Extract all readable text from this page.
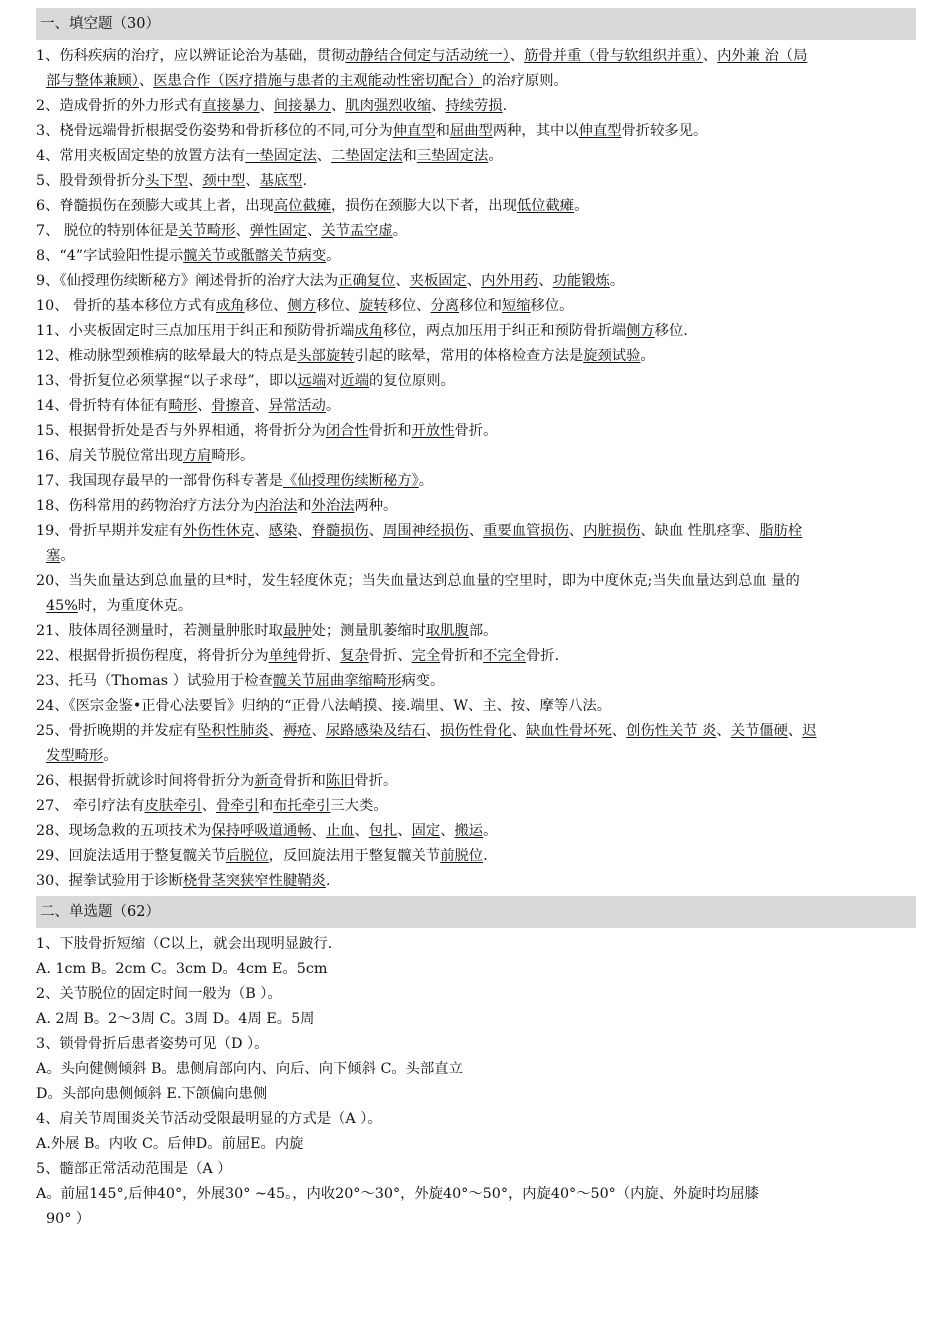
一、填空题（30）
1、伤科疾病的治疗，应以辨证论治为基础，贯彻动静结合伺定与活动统一）、筋骨并重（骨与软组织并重）、内外兼 治（局
部与整体兼顾）、医患合作（医疗措施与患者的主观能动性密切配合）的治疗原则。
2、造成骨折的外力形式有直接暴力、间接暴力、肌肉强烈收缩、持续劳损.
3、桡骨远端骨折根据受伤姿势和骨折移位的不同,可分为伸直型和屈曲型两种，其中以伸直型骨折较多见。
4、常用夹板固定垫的放置方法有一垫固定法、二垫固定法和三垫固定法。
5、股骨颈骨折分头下型、颈中型、基底型.
6、脊髓损伤在颈膨大或其上者，出现高位截瘫，损伤在颈膨大以下者，出现低位截瘫。
7、 脱位的特别体征是关节畸形、弹性固定、关节盂空虚。
8、“4”字试验阳性提示髋关节或骶髂关节病变。
9、《仙授理伤续断秘方》阐述骨折的治疗大法为正确复位、夹板固定、内外用药、功能锻炼。
10、 骨折的基本移位方式有成角移位、侧方移位、旋转移位、分离移位和短缩移位。
11、小夹板固定时三点加压用于纠正和预防骨折端成角移位，两点加压用于纠正和预防骨折端侧方移位.
12、椎动脉型颈椎病的眩晕最大的特点是头部旋转引起的眩晕，常用的体格检查方法是旋颈试验。
13、骨折复位必须掌握“以子求母”，即以远端对近端的复位原则。
14、骨折特有体征有畸形、骨擦音、异常活动。
15、根据骨折处是否与外界相通，将骨折分为闭合性骨折和开放性骨折。
16、肩关节脱位常出现方肩畸形。
17、我国现存最早的一部骨伤科专著是《仙授理伤续断秘方》。
18、伤科常用的药物治疗方法分为内治法和外治法两种。
19、骨折早期并发症有外伤性休克、感染、脊髓损伤、周围神经损伤、重要血管损伤、内脏损伤、缺血 性肌痉挛、脂肪栓
塞。
20、当失血量达到总血量的旦*时，发生轻度休克；当失血量达到总血量的空里时，即为中度休克;当失血量达到总血 量的
45%时，为重度休克。
21、肢体周径测量时，若测量肿胀时取最肿处；测量肌萎缩时取肌腹部。
22、根据骨折损伤程度，将骨折分为单纯骨折、复杂骨折、完全骨折和不完全骨折.
23、托马（Thomas ）试验用于检查髋关节屈曲挛缩畸形病变。
24、《医宗金鉴•正骨心法要旨》归纳的“正骨八法峭摸、接.端里、W、主、按、摩等八法。
25、骨折晚期的并发症有坠积性肺炎、褥疮、尿路感染及结石、损伤性骨化、缺血性骨坏死、创伤性关节 炎、关节僵硬、迟
发型畸形。
26、根据骨折就诊时间将骨折分为新奇骨折和陈旧骨折。
27、 牵引疗法有皮肤牵引、骨牵引和布托牵引三大类。
28、现场急救的五项技术为保持呼吸道通畅、止血、包扎、固定、搬运。
29、回旋法适用于整复髋关节后脱位，反回旋法用于整复髋关节前脱位.
30、握拳试验用于诊断桡骨茎突狭窄性腱鞘炎.
二、单选题（62）
1、下肢骨折短缩（C以上，就会出现明显跛行.
A. 1cm B。2cm C。3cm D。4cm E。5cm
2、关节脱位的固定时间一般为（B ）。
A. 2周 B。2〜3周 C。3周 D。4周 E。5周
3、锁骨骨折后患者姿势可见（D ）。
A。头向健侧倾斜 B。患侧肩部向内、向后、向下倾斜 C。头部直立
D。头部向患侧倾斜 E.下颌偏向患侧
4、肩关节周围炎关节活动受限最明显的方式是（A ）。
A.外展 B。内收 C。后伸D。前屈E。内旋
5、髓部正常活动范围是（A ）
A。前屈145°,后伸40°，外展30° ~45。，内收20°〜30°，外旋40°〜50°，内旋40°〜50°（内旋、外旋时均屈膝
90° ）
